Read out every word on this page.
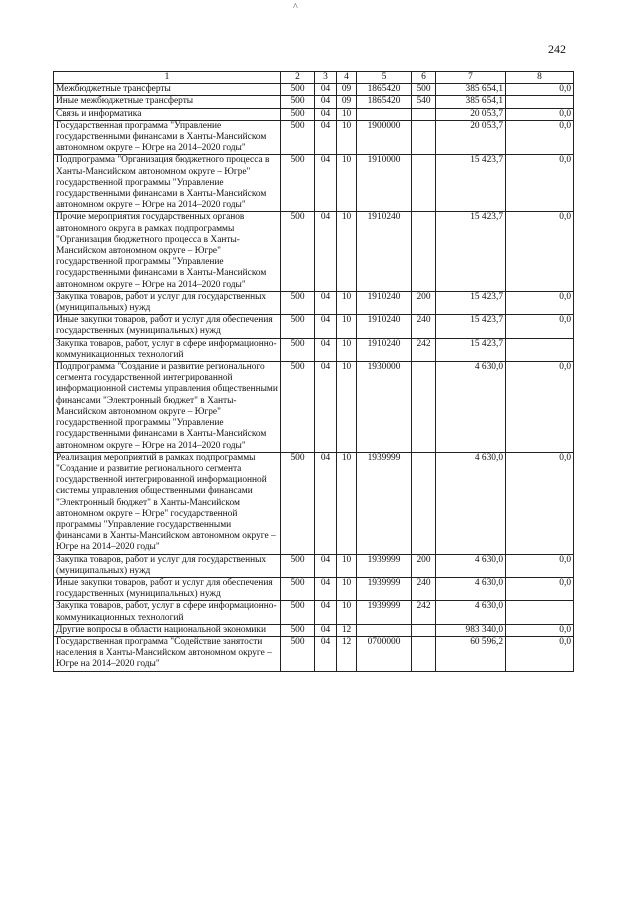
^
242
1	2	3	4	5	6	7	8
Межбюджетные трансферты	500	04	09	1865420	500	385 654,1	0,0
Иные межбюджетные трансферты	500	04	09	1865420	540	385 654,1	
Связь и информатика	500	04	10			20 053,7	0,0
Государственная программа "Управление государственными финансами в Ханты-Мансийском автономном округе – Югре на 2014–2020 годы"	500	04	10	1900000		20 053,7	0,0
Подпрограмма "Организация бюджетного процесса в Ханты-Мансийском автономном округе – Югре" государственной программы "Управление государственными финансами в Ханты-Мансийском автономном округе – Югре на 2014–2020 годы"	500	04	10	1910000		15 423,7	0,0
Прочие мероприятия государственных органов автономного округа в рамках подпрограммы "Организация бюджетного процесса в Ханты-Мансийском автономном округе – Югре" государственной программы "Управление государственными финансами в Ханты-Мансийском автономном округе – Югре на 2014–2020 годы"	500	04	10	1910240		15 423,7	0,0
Закупка товаров, работ и услуг для государственных (муниципальных) нужд	500	04	10	1910240	200	15 423,7	0,0
Иные закупки товаров, работ и услуг для обеспечения государственных (муниципальных) нужд	500	04	10	1910240	240	15 423,7	0,0
Закупка товаров, работ, услуг в сфере информационно-коммуникационных технологий	500	04	10	1910240	242	15 423,7	
Подпрограмма "Создание и развитие регионального сегмента государственной интегрированной информационной системы управления общественными финансами "Электронный бюджет" в Ханты-Мансийском автономном округе – Югре" государственной программы "Управление государственными финансами в Ханты-Мансийском автономном округе – Югре на 2014–2020 годы"	500	04	10	1930000		4 630,0	0,0
Реализация мероприятий в рамках подпрограммы "Создание и развитие регионального сегмента государственной интегрированной информационной системы управления общественными финансами "Электронный бюджет" в Ханты-Мансийском автономном округе – Югре" государственной программы "Управление государственными финансами в Ханты-Мансийском автономном округе – Югре на 2014–2020 годы"	500	04	10	1939999		4 630,0	0,0
Закупка товаров, работ и услуг для государственных (муниципальных) нужд	500	04	10	1939999	200	4 630,0	0,0
Иные закупки товаров, работ и услуг для обеспечения государственных (муниципальных) нужд	500	04	10	1939999	240	4 630,0	0,0
Закупка товаров, работ, услуг в сфере информационно-коммуникационных технологий	500	04	10	1939999	242	4 630,0	
Другие вопросы в области национальной экономики	500	04	12			983 340,0	0,0
Государственная программа "Содействие занятости населения в Ханты-Мансийском автономном округе – Югре на 2014–2020 годы"	500	04	12	0700000		60 596,2	0,0
